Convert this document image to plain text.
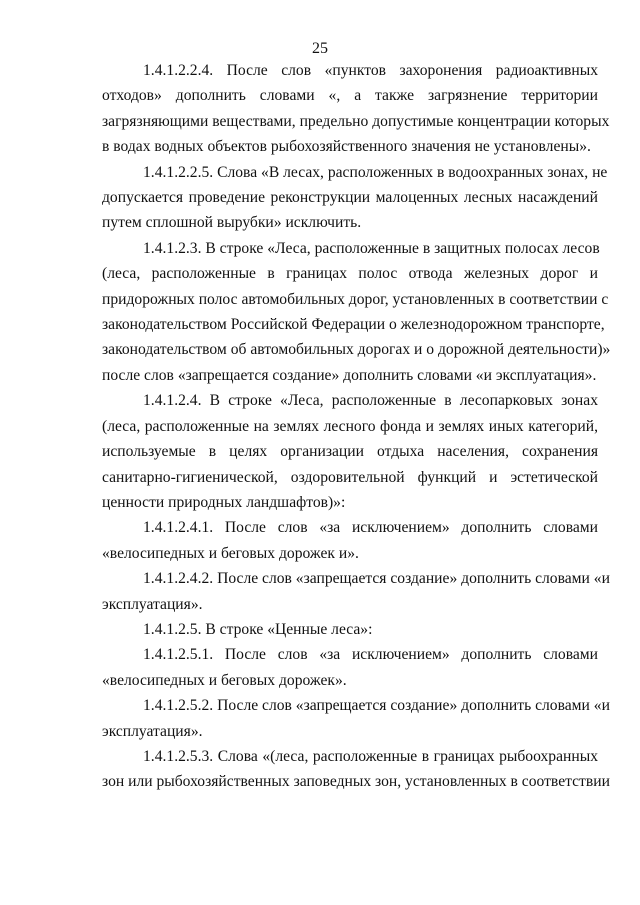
25

1.4.1.2.2.4. После слов «пунктов захоронения радиоактивных
отходов» дополнить словами «, а также загрязнение территории
загрязняющими веществами, предельно допустимые концентрации которых
в водах водных объектов рыбохозяйственного значения не установлены».

1.4.1.2.2.5. Слова «В лесах, расположенных в водоохранных зонах, не
допускается проведение реконструкции малоценных лесных насаждений
путем сплошной вырубки» исключить.

1.4.1.2.3. В строке «Леса, расположенные в защитных полосах лесов
(леса, расположенные в границах полос отвода железных дорог и
придорожных полос автомобильных дорог, установленных в соответствии с
законодательством Российской Федерации о железнодорожном транспорте,
законодательством об автомобильных дорогах и о дорожной деятельности)»
после слов «запрещается создание» дополнить словами «и эксплуатация».

1.4.1.2.4. В строке «Леса, расположенные в лесопарковых зонах
(леса, расположенные на землях лесного фонда и землях иных категорий,
используемые в целях организации отдыха населения, сохранения
санитарно-гигиенической, оздоровительной функций и эстетической
ценности природных ландшафтов)»:

1.4.1.2.4.1. После слов «за исключением» дополнить словами
«велосипедных и беговых дорожек и».

1.4.1.2.4.2. После слов «запрещается создание» дополнить словами «и
эксплуатация».

1.4.1.2.5. В строке «Ценные леса»:

1.4.1.2.5.1. После слов «за исключением» дополнить словами
«велосипедных и беговых дорожек».

1.4.1.2.5.2. После слов «запрещается создание» дополнить словами «и
эксплуатация».

1.4.1.2.5.3. Слова «(леса, расположенные в границах рыбоохранных
зон или рыбохозяйственных заповедных зон, установленных в соответствии
